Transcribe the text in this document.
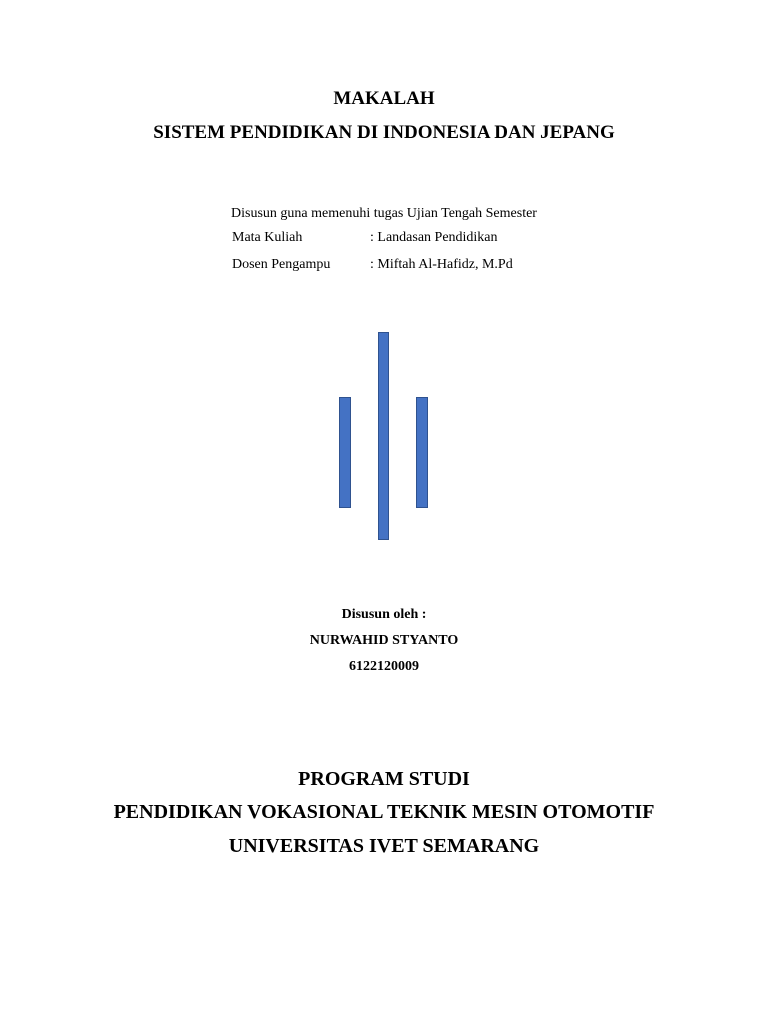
MAKALAH
SISTEM PENDIDIKAN DI INDONESIA DAN JEPANG
Disusun guna memenuhi tugas Ujian Tengah Semester
Mata Kuliah	: Landasan Pendidikan
Dosen Pengampu	: Miftah Al-Hafidz, M.Pd
Disusun oleh :
NURWAHID STYANTO
6122120009
PROGRAM STUDI
PENDIDIKAN VOKASIONAL TEKNIK MESIN OTOMOTIF
UNIVERSITAS IVET SEMARANG
